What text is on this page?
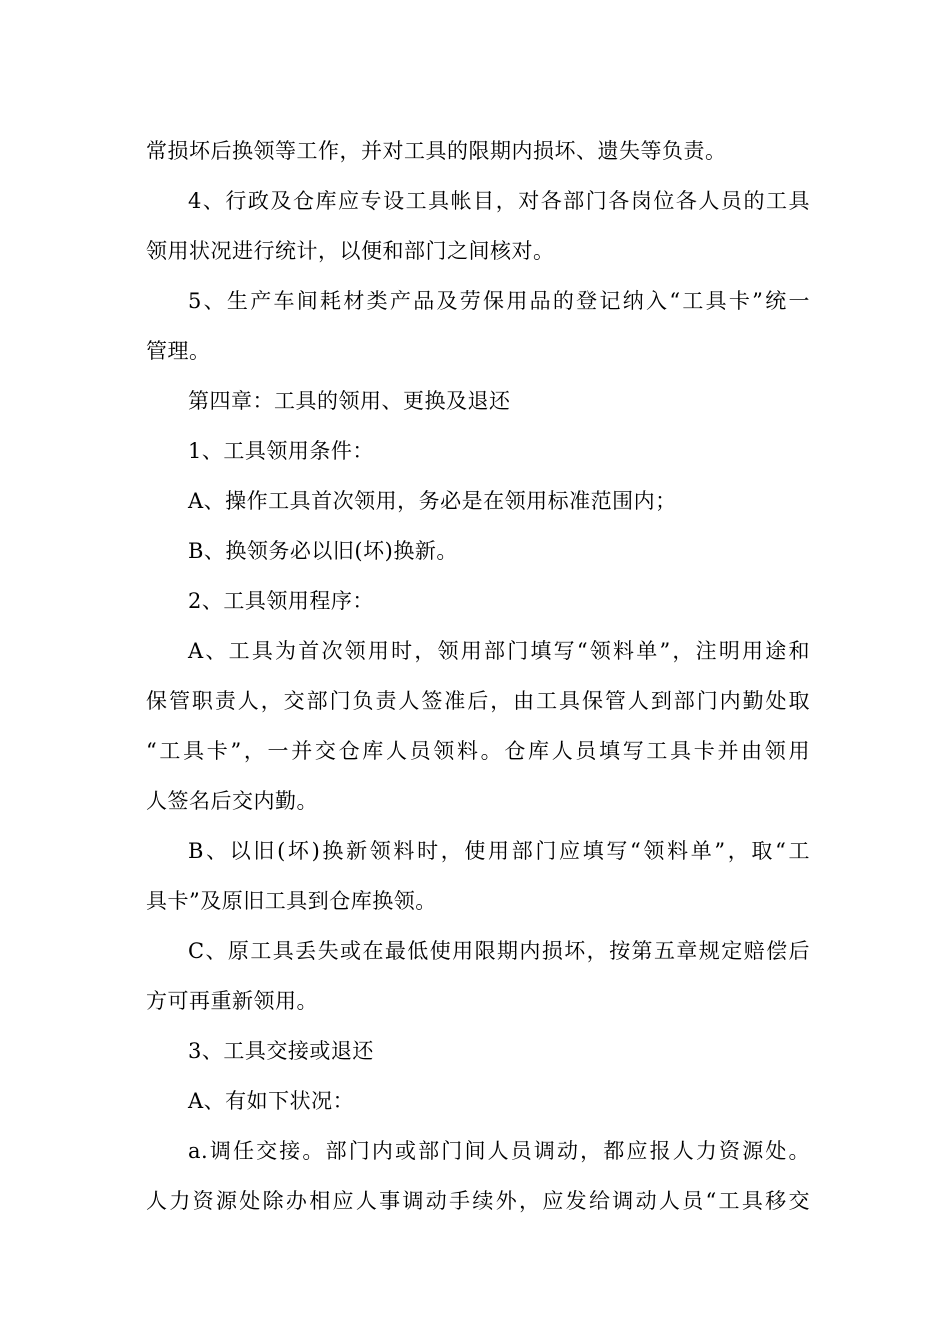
常损坏后换领等工作，并对工具的限期内损坏、遗失等负责。
4、行政及仓库应专设工具帐目，对各部门各岗位各人员的工具
领用状况进行统计，以便和部门之间核对。
5、生产车间耗材类产品及劳保用品的登记纳入“工具卡”统一
管理。
第四章：工具的领用、更换及退还
1、工具领用条件：
A、操作工具首次领用，务必是在领用标准范围内；
B、换领务必以旧(坏)换新。
2、工具领用程序：
A、工具为首次领用时，领用部门填写“领料单”，注明用途和
保管职责人，交部门负责人签准后，由工具保管人到部门内勤处取
“工具卡”，一并交仓库人员领料。仓库人员填写工具卡并由领用
人签名后交内勤。
B、以旧(坏)换新领料时，使用部门应填写“领料单”，取“工
具卡”及原旧工具到仓库换领。
C、原工具丢失或在最低使用限期内损坏，按第五章规定赔偿后
方可再重新领用。
3、工具交接或退还
A、有如下状况：
a.调任交接。部门内或部门间人员调动，都应报人力资源处。
人力资源处除办相应人事调动手续外，应发给调动人员“工具移交
